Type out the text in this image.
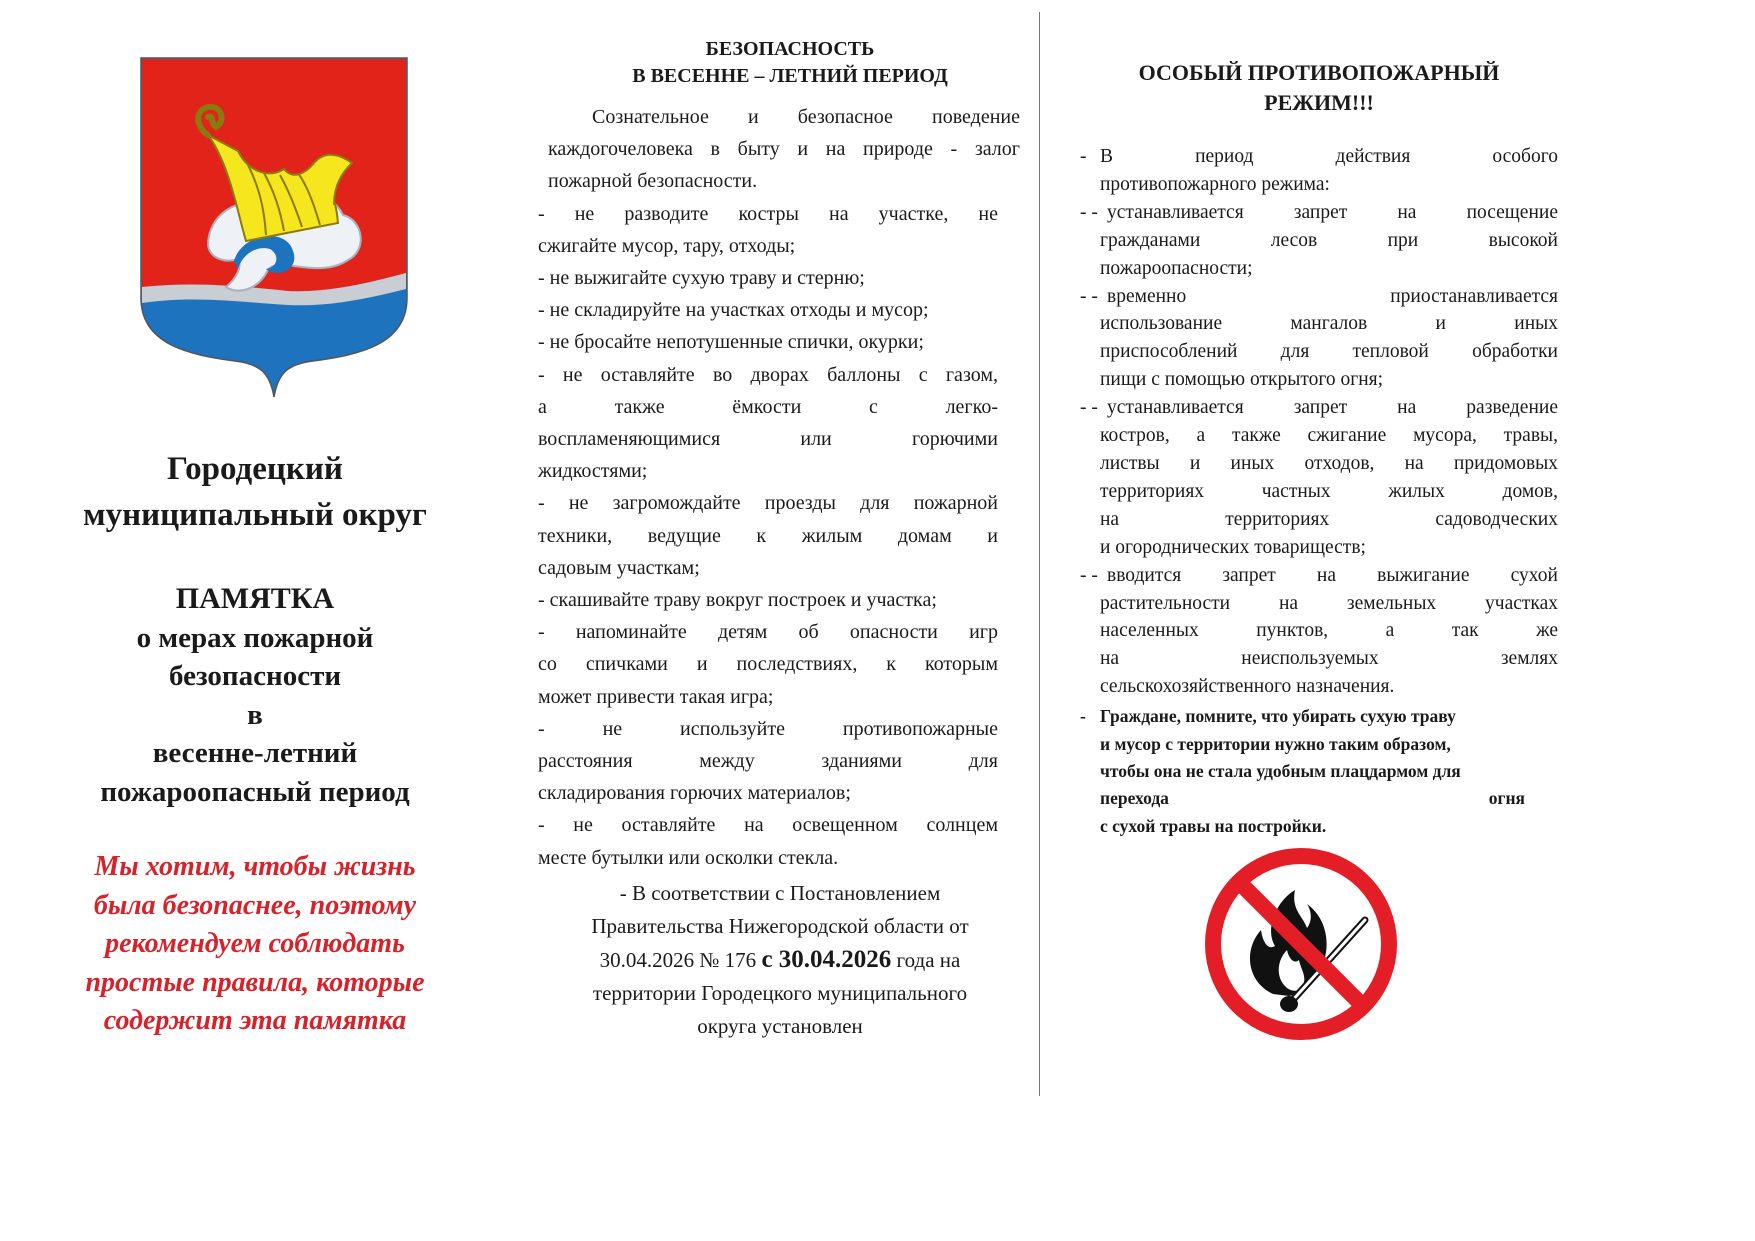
Городецкий
муниципальный округ
ПАМЯТКА
о мерах пожарной
безопасности
в
весенне-летний
пожароопасный период
Мы хотим, чтобы жизнь
была безопаснее, поэтому
рекомендуем соблюдать
простые правила, которые
содержит эта памятка
БЕЗОПАСНОСТЬ
В ВЕСЕННЕ – ЛЕТНИЙ ПЕРИОД
Сознательное и безопасное поведение
каждогочеловека в быту и на природе - залог
пожарной безопасности.
- не разводите костры на участке, не
сжигайте мусор, тару, отходы;
- не выжигайте сухую траву и стерню;
- не складируйте на участках отходы и мусор;
- не бросайте непотушенные спички, окурки;
- не оставляйте во дворах баллоны с газом,
а также ёмкости с легко-
воспламеняющимися или горючими
жидкостями;
- не загромождайте проезды для пожарной
техники, ведущие к жилым домам и
садовым участкам;
- скашивайте траву вокруг построек и участка;
- напоминайте детям об опасности игр
со спичками и последствиях, к которым
может привести такая игра;
- не используйте противопожарные
расстояния между зданиями для
складирования горючих материалов;
- не оставляйте на освещенном солнцем
месте бутылки или осколки стекла.
- В соответствии с Постановлением
Правительства Нижегородской области от
30.04.2026 № 176 с 30.04.2026 года на
территории Городецкого муниципального
округа установлен
ОСОБЫЙ ПРОТИВОПОЖАРНЫЙ
РЕЖИМ!!!
- В период действия особого
противопожарного режима:
- - устанавливается запрет на посещение
гражданами лесов при высокой
пожароопасности;
- - временно приостанавливается
использование мангалов и иных
приспособлений для тепловой обработки
пищи с помощью открытого огня;
- - устанавливается запрет на разведение
костров, а также сжигание мусора, травы,
листвы и иных отходов, на придомовых
территориях частных жилых домов,
на территориях садоводческих
и огороднических товариществ;
- - вводится запрет на выжигание сухой
растительности на земельных участках
населенных пунктов, а так же
на неиспользуемых землях
сельскохозяйственного назначения.
- Граждане, помните, что убирать сухую траву
и мусор с территории нужно таким образом,
чтобы она не стала удобным плацдармом для
перехода огня
с сухой травы на постройки.
